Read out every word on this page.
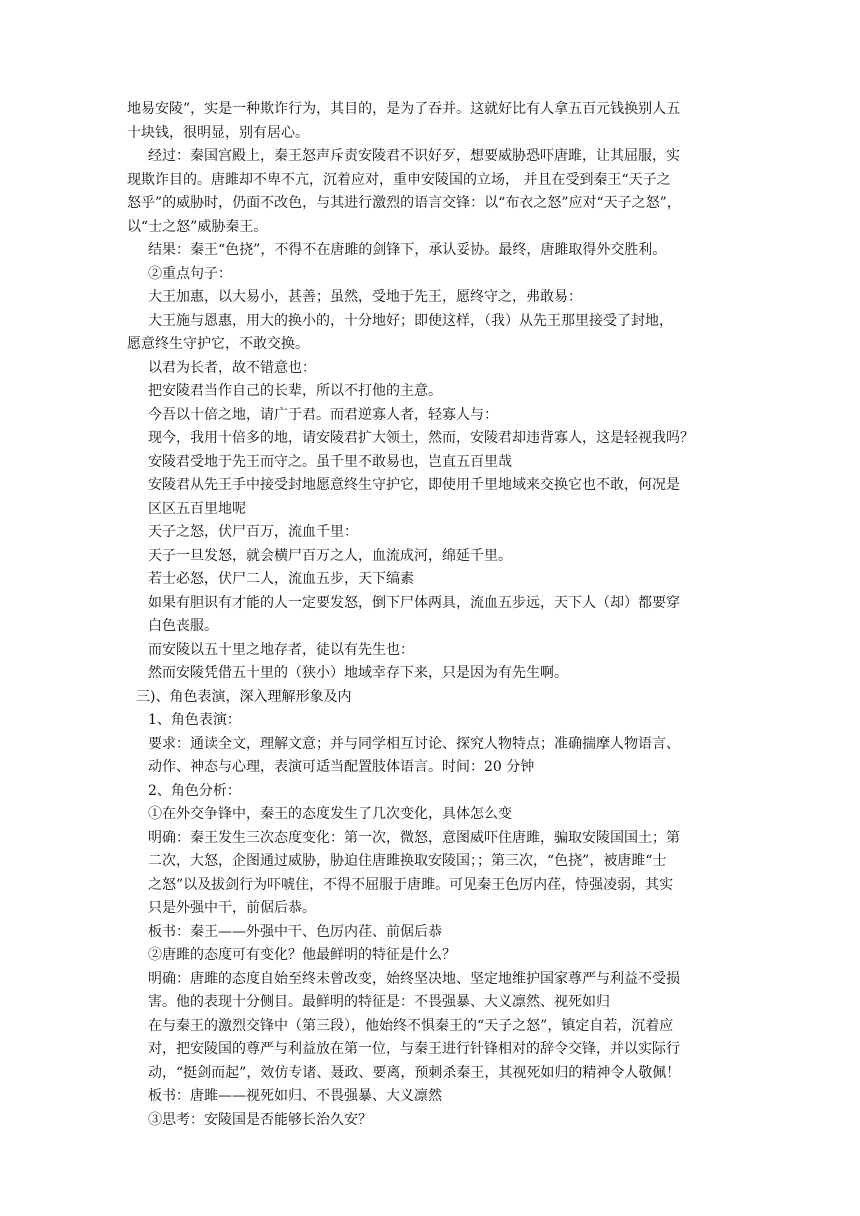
地易安陵”，实是一种欺诈行为，其目的，是为了吞并。这就好比有人拿五百元钱换别人五
十块钱，很明显，别有居心。
经过：秦国宫殿上，秦王怒声斥责安陵君不识好歹，想要威胁恐吓唐雎，让其屈服，实
现欺诈目的。唐雎却不卑不亢，沉着应对，重申安陵国的立场， 并且在受到秦王“天子之
怒乎”的威胁时，仍面不改色，与其进行激烈的语言交锋：以“布衣之怒”应对“天子之怒”，
以“士之怒”威胁秦王。
结果：秦王“色挠”，不得不在唐雎的剑锋下，承认妥协。最终，唐雎取得外交胜利。
②重点句子：
大王加惠，以大易小，甚善；虽然，受地于先王，愿终守之，弗敢易：
大王施与恩惠，用大的换小的，十分地好；即使这样，（我）从先王那里接受了封地，
愿意终生守护它，不敢交换。
以君为长者，故不错意也：
把安陵君当作自己的长辈，所以不打他的主意。
今吾以十倍之地，请广于君。而君逆寡人者，轻寡人与：
现今，我用十倍多的地，请安陵君扩大领土，然而，安陵君却违背寡人，这是轻视我吗？
安陵君受地于先王而守之。虽千里不敢易也，岂直五百里哉
安陵君从先王手中接受封地愿意终生守护它，即使用千里地域来交换它也不敢，何况是
区区五百里地呢
天子之怒，伏尸百万，流血千里：
天子一旦发怒，就会横尸百万之人，血流成河，绵延千里。
若士必怒，伏尸二人，流血五步，天下缟素
如果有胆识有才能的人一定要发怒，倒下尸体两具，流血五步远，天下人（却）都要穿
白色丧服。
而安陵以五十里之地存者，徒以有先生也：
然而安陵凭借五十里的（狭小）地域幸存下来，只是因为有先生啊。
三)、角色表演，深入理解形象及内
1、角色表演：
要求：通读全文，理解文意；并与同学相互讨论、探究人物特点；准确揣摩人物语言、
动作、神态与心理，表演可适当配置肢体语言。时间：20 分钟
2、角色分析：
①在外交争锋中，秦王的态度发生了几次变化，具体怎么变
明确：秦王发生三次态度变化：第一次，微怒，意图威吓住唐雎，骗取安陵国国土；第
二次，大怒，企图通过威胁，胁迫住唐雎换取安陵国；；第三次，“色挠”，被唐雎“士
之怒”以及拔剑行为吓唬住，不得不屈服于唐雎。可见秦王色厉内荏，恃强凌弱，其实
只是外强中干，前倨后恭。
板书：秦王——外强中干、色厉内荏、前倨后恭
②唐雎的态度可有变化？他最鲜明的特征是什么？
明确：唐雎的态度自始至终未曾改变，始终坚决地、坚定地维护国家尊严与利益不受损
害。他的表现十分侧目。最鲜明的特征是：不畏强暴、大义凛然、视死如归
在与秦王的激烈交锋中（第三段），他始终不惧秦王的“天子之怒”，镇定自若，沉着应
对，把安陵国的尊严与利益放在第一位，与秦王进行针锋相对的辞令交锋，并以实际行
动，“挺剑而起”，效仿专诸、聂政、要离，预刺杀秦王，其视死如归的精神令人敬佩！
板书：唐雎——视死如归、不畏强暴、大义凛然
③思考：安陵国是否能够长治久安？
